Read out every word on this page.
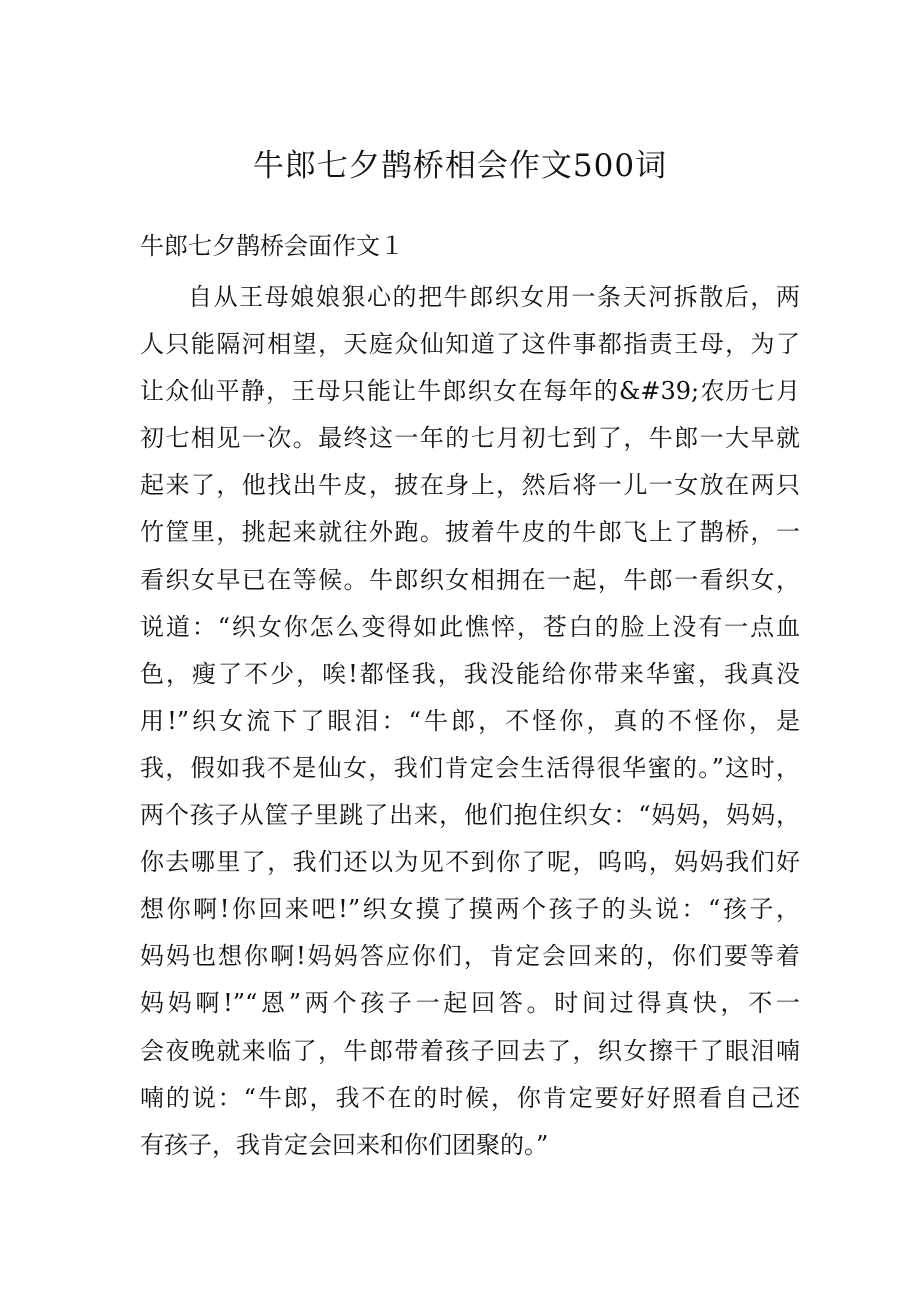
牛郎七夕鹊桥相会作文500词
牛郎七夕鹊桥会面作文１
自从王母娘娘狠心的把牛郎织女用一条天河拆散后，两
人只能隔河相望，天庭众仙知道了这件事都指责王母，为了
让众仙平静，王母只能让牛郎织女在每年的&#39;农历七月
初七相见一次。最终这一年的七月初七到了，牛郎一大早就
起来了，他找出牛皮，披在身上，然后将一儿一女放在两只
竹筐里，挑起来就往外跑。披着牛皮的牛郎飞上了鹊桥，一
看织女早已在等候。牛郎织女相拥在一起，牛郎一看织女，
说道：“织女你怎么变得如此憔悴，苍白的脸上没有一点血
色，瘦了不少，唉!都怪我，我没能给你带来华蜜，我真没
用!”织女流下了眼泪：“牛郎，不怪你，真的不怪你，是
我，假如我不是仙女，我们肯定会生活得很华蜜的。”这时，
两个孩子从筐子里跳了出来，他们抱住织女：“妈妈，妈妈，
你去哪里了，我们还以为见不到你了呢，呜呜，妈妈我们好
想你啊!你回来吧!”织女摸了摸两个孩子的头说：“孩子，
妈妈也想你啊!妈妈答应你们，肯定会回来的，你们要等着
妈妈啊!”“恩”两个孩子一起回答。时间过得真快，不一
会夜晚就来临了，牛郎带着孩子回去了，织女擦干了眼泪喃
喃的说：“牛郎，我不在的时候，你肯定要好好照看自己还
有孩子，我肯定会回来和你们团聚的。”
